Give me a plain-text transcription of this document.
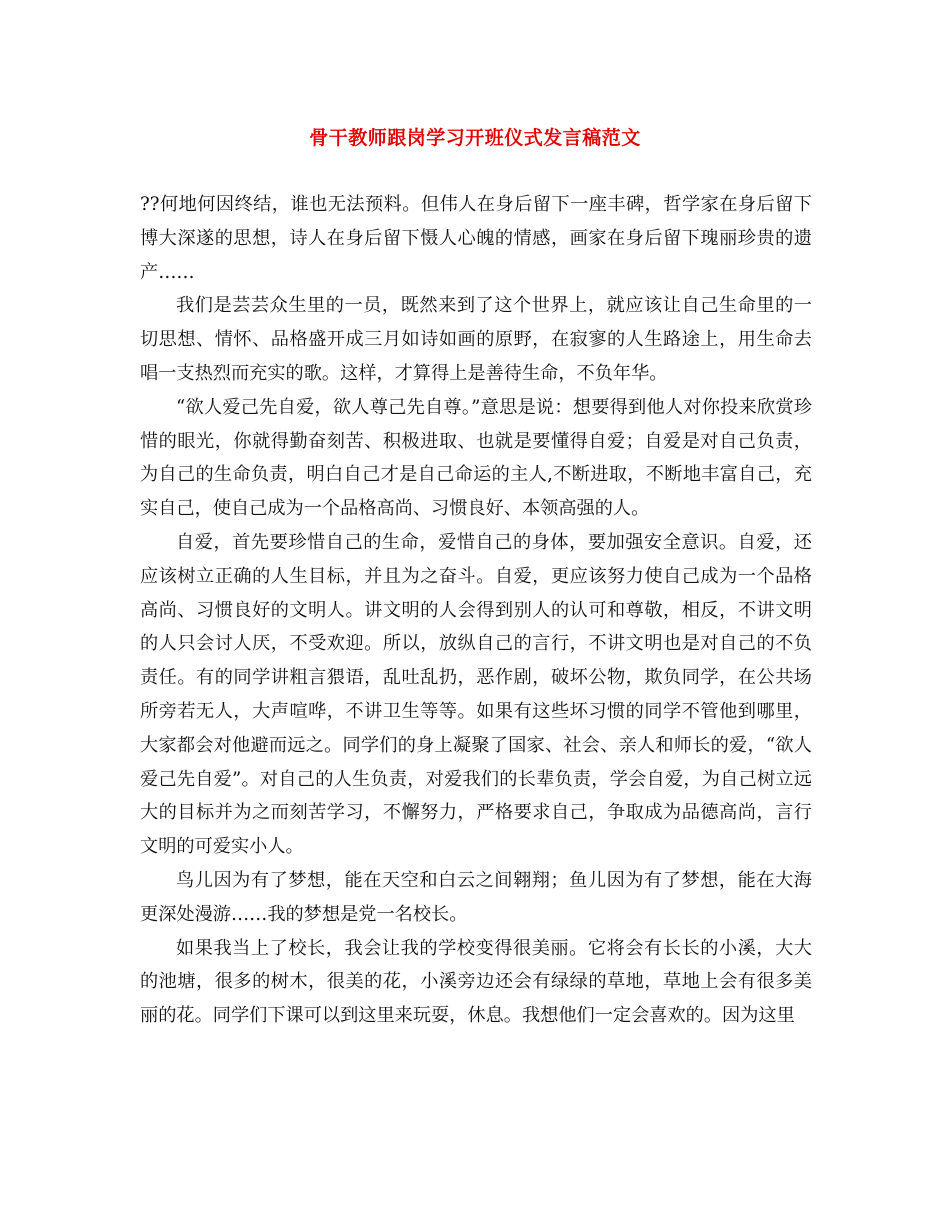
骨干教师跟岗学习开班仪式发言稿范文

??何地何因终结，谁也无法预料。但伟人在身后留下一座丰碑，哲学家在身后留下博大深遂的思想，诗人在身后留下慑人心魄的情感，画家在身后留下瑰丽珍贵的遗产……

我们是芸芸众生里的一员，既然来到了这个世界上，就应该让自己生命里的一切思想、情怀、品格盛开成三月如诗如画的原野，在寂寥的人生路途上，用生命去唱一支热烈而充实的歌。这样，才算得上是善待生命，不负年华。

“欲人爱己先自爱，欲人尊己先自尊。”意思是说：想要得到他人对你投来欣赏珍惜的眼光，你就得勤奋刻苦、积极进取、也就是要懂得自爱；自爱是对自己负责，为自己的生命负责，明白自己才是自己命运的主人,不断进取，不断地丰富自己，充实自己，使自己成为一个品格高尚、习惯良好、本领高强的人。

自爱，首先要珍惜自己的生命，爱惜自己的身体，要加强安全意识。自爱，还应该树立正确的人生目标，并且为之奋斗。自爱，更应该努力使自己成为一个品格高尚、习惯良好的文明人。讲文明的人会得到别人的认可和尊敬，相反，不讲文明的人只会讨人厌，不受欢迎。所以，放纵自己的言行，不讲文明也是对自己的不负责任。有的同学讲粗言猥语，乱吐乱扔，恶作剧，破坏公物，欺负同学，在公共场所旁若无人，大声喧哗，不讲卫生等等。如果有这些坏习惯的同学不管他到哪里，大家都会对他避而远之。同学们的身上凝聚了国家、社会、亲人和师长的爱，“欲人爱己先自爱”。对自己的人生负责，对爱我们的长辈负责，学会自爱，为自己树立远大的目标并为之而刻苦学习，不懈努力，严格要求自己，争取成为品德高尚，言行文明的可爱实小人。

鸟儿因为有了梦想，能在天空和白云之间翱翔；鱼儿因为有了梦想，能在大海更深处漫游……我的梦想是党一名校长。

如果我当上了校长，我会让我的学校变得很美丽。它将会有长长的小溪，大大的池塘，很多的树木，很美的花，小溪旁边还会有绿绿的草地，草地上会有很多美丽的花。同学们下课可以到这里来玩耍，休息。我想他们一定会喜欢的。因为这里
